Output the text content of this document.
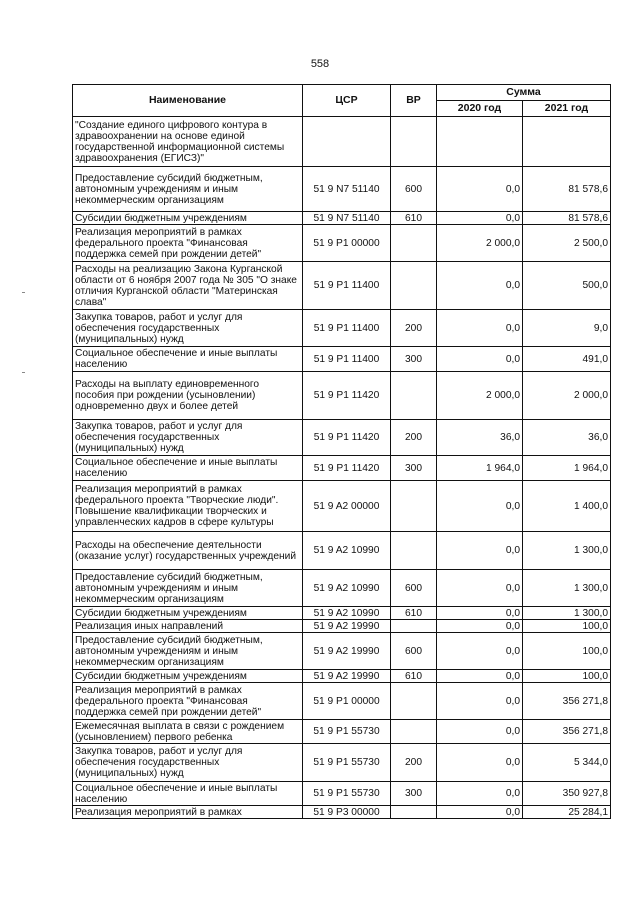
558
Наименование	ЦСР	ВР	Сумма	
			2020 год	2021 год
"Создание единого цифрового контура в здравоохранении на основе единой государственной информационной системы здравоохранения (ЕГИСЗ)"				
Предоставление субсидий бюджетным, автономным учреждениям и иным некоммерческим организациям	51 9 N7 51140	600	0,0	81 578,6
Субсидии бюджетным учреждениям	51 9 N7 51140	610	0,0	81 578,6
Реализация мероприятий в рамках федерального проекта "Финансовая поддержка семей при рождении детей"	51 9 P1 00000		2 000,0	2 500,0
Расходы на реализацию Закона Курганской области от 6 ноября 2007 года № 305 "О знаке отличия Курганской области "Материнская слава"	51 9 P1 11400		0,0	500,0
Закупка товаров, работ и услуг для обеспечения государственных (муниципальных) нужд	51 9 P1 11400	200	0,0	9,0
Социальное обеспечение и иные выплаты населению	51 9 P1 11400	300	0,0	491,0
Расходы на выплату единовременного пособия при рождении (усыновлении) одновременно двух и более детей	51 9 P1 11420		2 000,0	2 000,0
Закупка товаров, работ и услуг для обеспечения государственных (муниципальных) нужд	51 9 P1 11420	200	36,0	36,0
Социальное обеспечение и иные выплаты населению	51 9 P1 11420	300	1 964,0	1 964,0
Реализация мероприятий в рамках федерального проекта "Творческие люди". Повышение квалификации творческих и управленческих кадров в сфере культуры	51 9 A2 00000		0,0	1 400,0
Расходы на обеспечение деятельности (оказание услуг) государственных учреждений	51 9 A2 10990		0,0	1 300,0
Предоставление субсидий бюджетным, автономным учреждениям и иным некоммерческим организациям	51 9 A2 10990	600	0,0	1 300,0
Субсидии бюджетным учреждениям	51 9 A2 10990	610	0,0	1 300,0
Реализация иных направлений	51 9 A2 19990		0,0	100,0
Предоставление субсидий бюджетным, автономным учреждениям и иным некоммерческим организациям	51 9 A2 19990	600	0,0	100,0
Субсидии бюджетным учреждениям	51 9 A2 19990	610	0,0	100,0
Реализация мероприятий в рамках федерального проекта "Финансовая поддержка семей при рождении детей"	51 9 P1 00000		0,0	356 271,8
Ежемесячная выплата в связи с рождением (усыновлением) первого ребенка	51 9 P1 55730		0,0	356 271,8
Закупка товаров, работ и услуг для обеспечения государственных (муниципальных) нужд	51 9 P1 55730	200	0,0	5 344,0
Социальное обеспечение и иные выплаты населению	51 9 P1 55730	300	0,0	350 927,8
Реализация мероприятий в рамках	51 9 P3 00000		0,0	25 284,1
